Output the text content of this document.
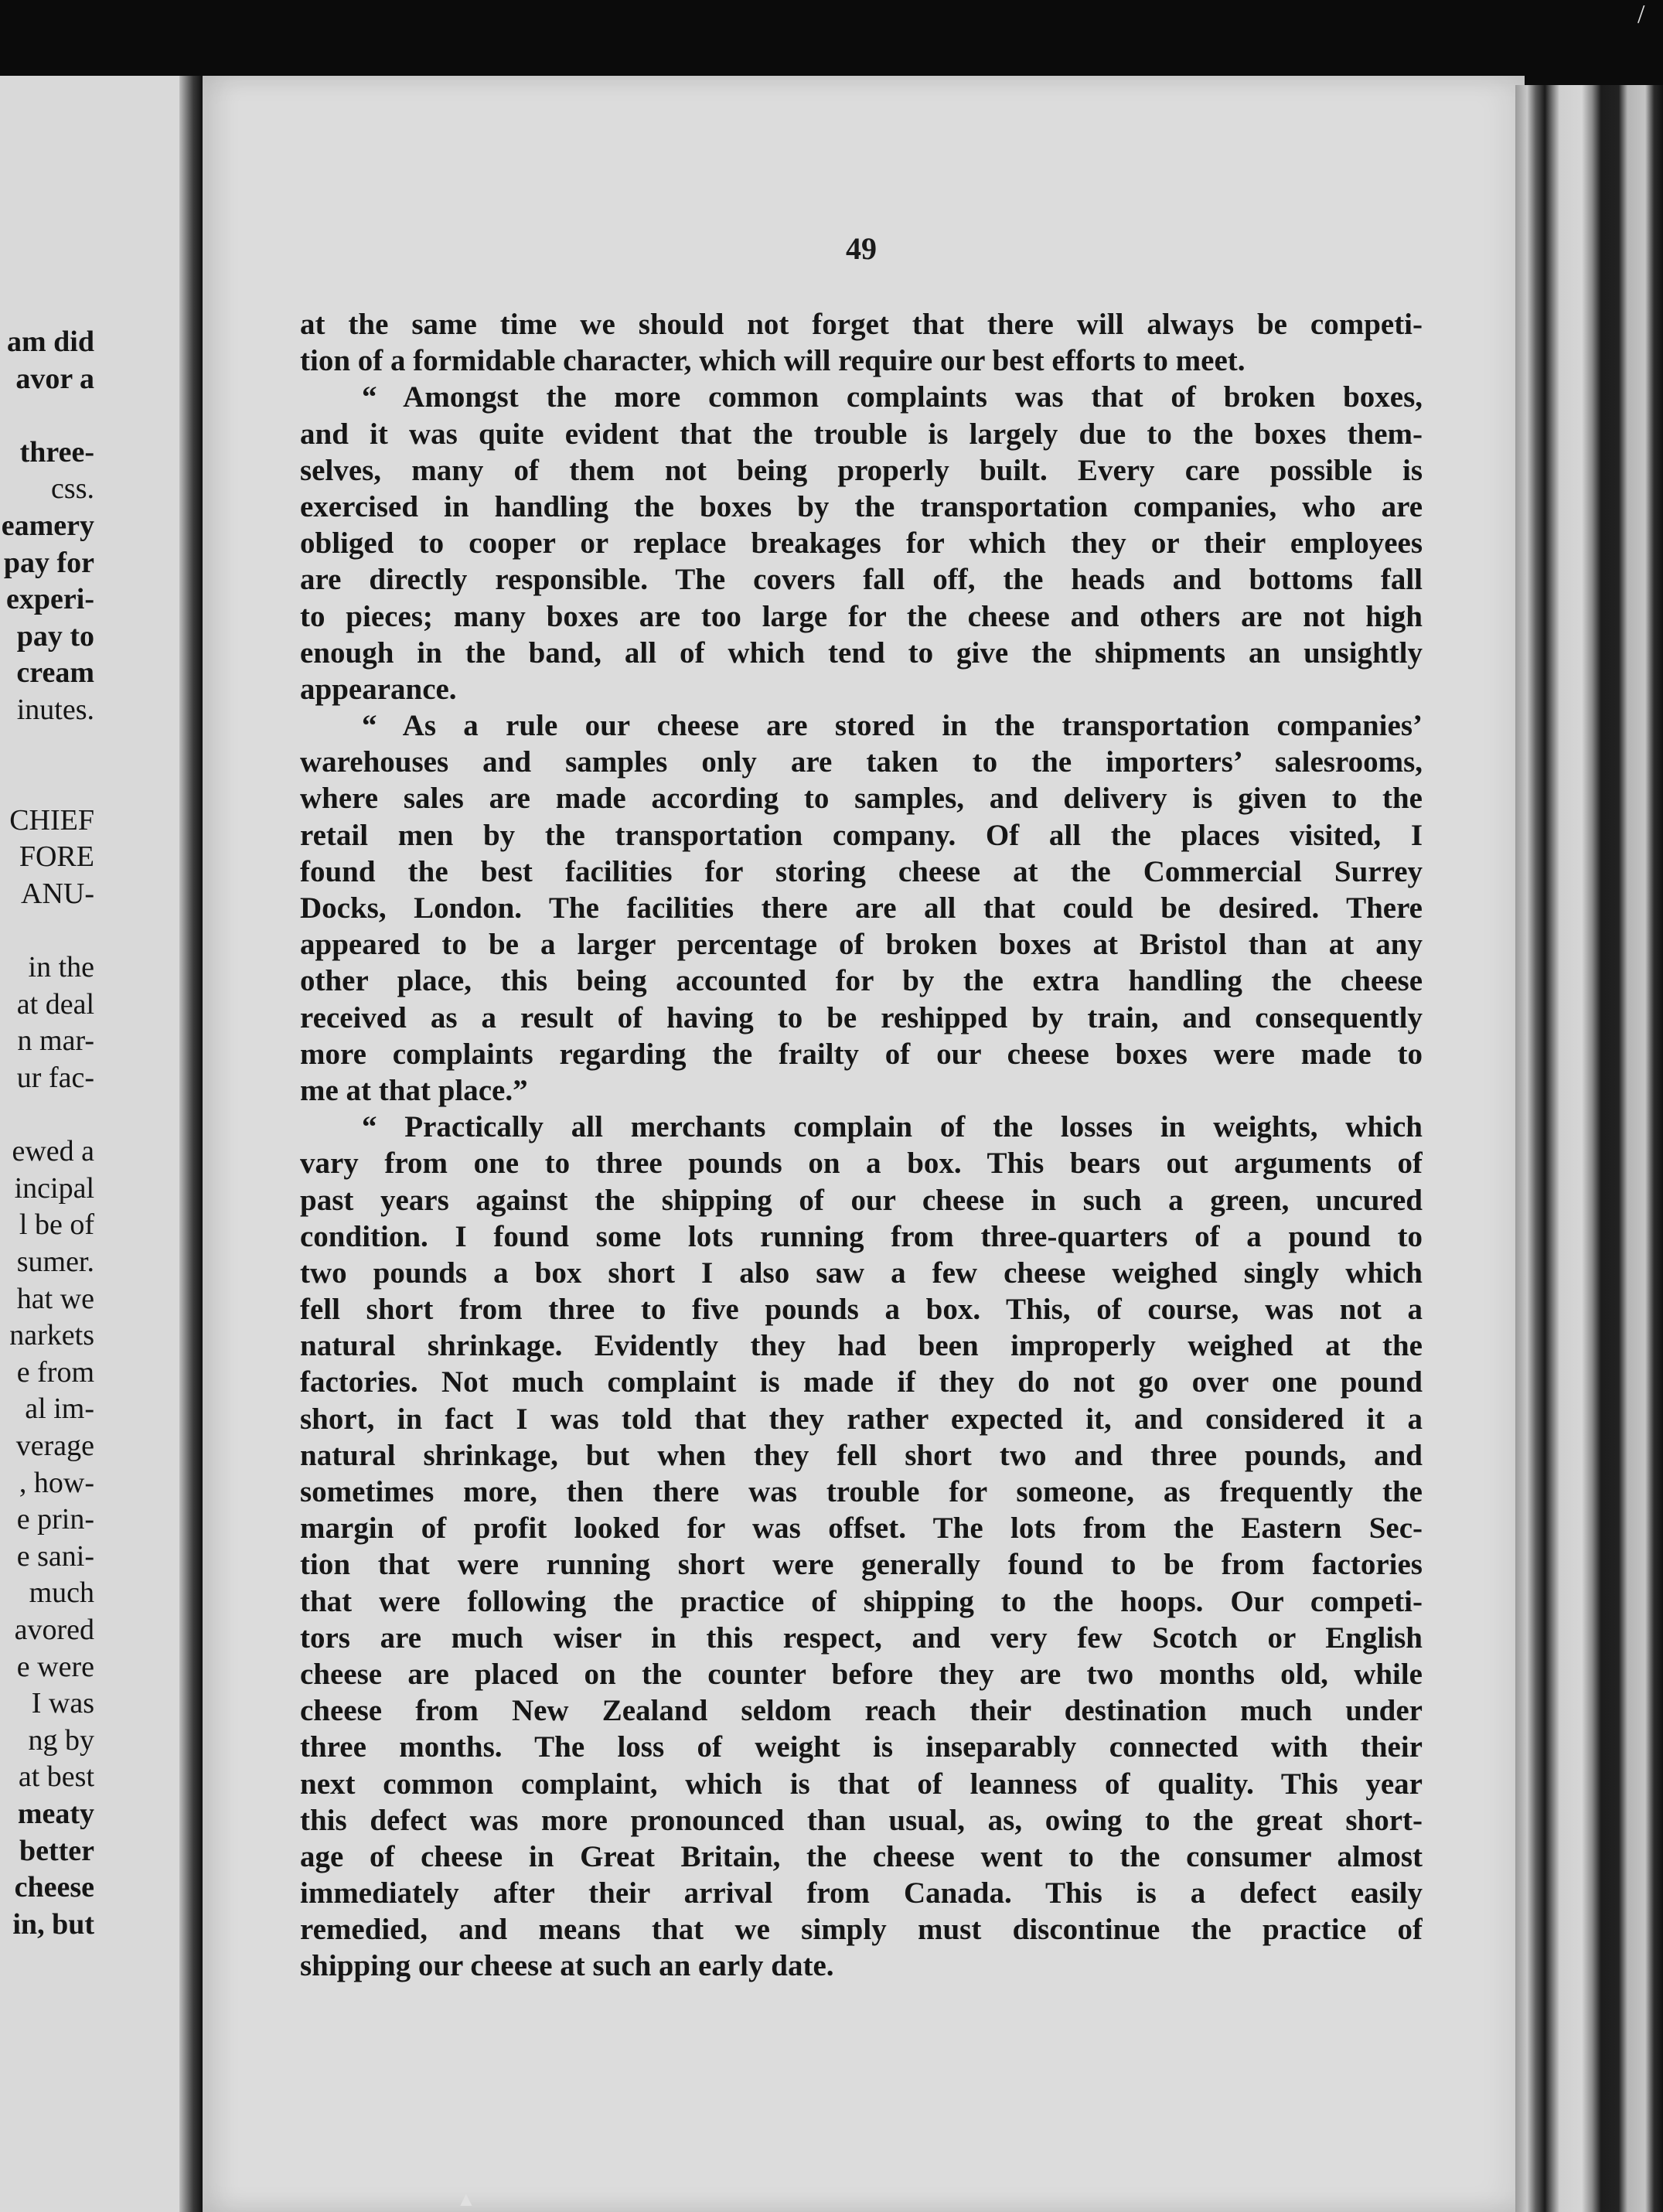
am did
avor a
three-
css.
eamery
pay for
experi-
pay to
cream
inutes.
CHIEF
FORE
ANU-
in the
at deal
n mar-
ur fac-
ewed a
incipal
l be of
sumer.
hat we
narkets
e from
al im-
verage
, how-
e prin-
e sani-
much
avored
e were
I was
ng by
at best
meaty
better
cheese
in, but
49
at the same time we should not forget that there will always be competi-
tion of a formidable character, which will require our best efforts to meet.
“ Amongst the more common complaints was that of broken boxes,
and it was quite evident that the trouble is largely due to the boxes them-
selves, many of them not being properly built. Every care possible is
exercised in handling the boxes by the transportation companies, who are
obliged to cooper or replace breakages for which they or their employees
are directly responsible. The covers fall off, the heads and bottoms fall
to pieces; many boxes are too large for the cheese and others are not high
enough in the band, all of which tend to give the shipments an unsightly
appearance.
“ As a rule our cheese are stored in the transportation companies’
warehouses and samples only are taken to the importers’ salesrooms,
where sales are made according to samples, and delivery is given to the
retail men by the transportation company. Of all the places visited, I
found the best facilities for storing cheese at the Commercial Surrey
Docks, London. The facilities there are all that could be desired. There
appeared to be a larger percentage of broken boxes at Bristol than at any
other place, this being accounted for by the extra handling the cheese
received as a result of having to be reshipped by train, and consequently
more complaints regarding the frailty of our cheese boxes were made to
me at that place.”
“ Practically all merchants complain of the losses in weights, which
vary from one to three pounds on a box. This bears out arguments of
past years against the shipping of our cheese in such a green, uncured
condition. I found some lots running from three-quarters of a pound to
two pounds a box short I also saw a few cheese weighed singly which
fell short from three to five pounds a box. This, of course, was not a
natural shrinkage. Evidently they had been improperly weighed at the
factories. Not much complaint is made if they do not go over one pound
short, in fact I was told that they rather expected it, and considered it a
natural shrinkage, but when they fell short two and three pounds, and
sometimes more, then there was trouble for someone, as frequently the
margin of profit looked for was offset. The lots from the Eastern Sec-
tion that were running short were generally found to be from factories
that were following the practice of shipping to the hoops. Our competi-
tors are much wiser in this respect, and very few Scotch or English
cheese are placed on the counter before they are two months old, while
cheese from New Zealand seldom reach their destination much under
three months. The loss of weight is inseparably connected with their
next common complaint, which is that of leanness of quality. This year
this defect was more pronounced than usual, as, owing to the great short-
age of cheese in Great Britain, the cheese went to the consumer almost
immediately after their arrival from Canada. This is a defect easily
remedied, and means that we simply must discontinue the practice of
shipping our cheese at such an early date.
▲
/
